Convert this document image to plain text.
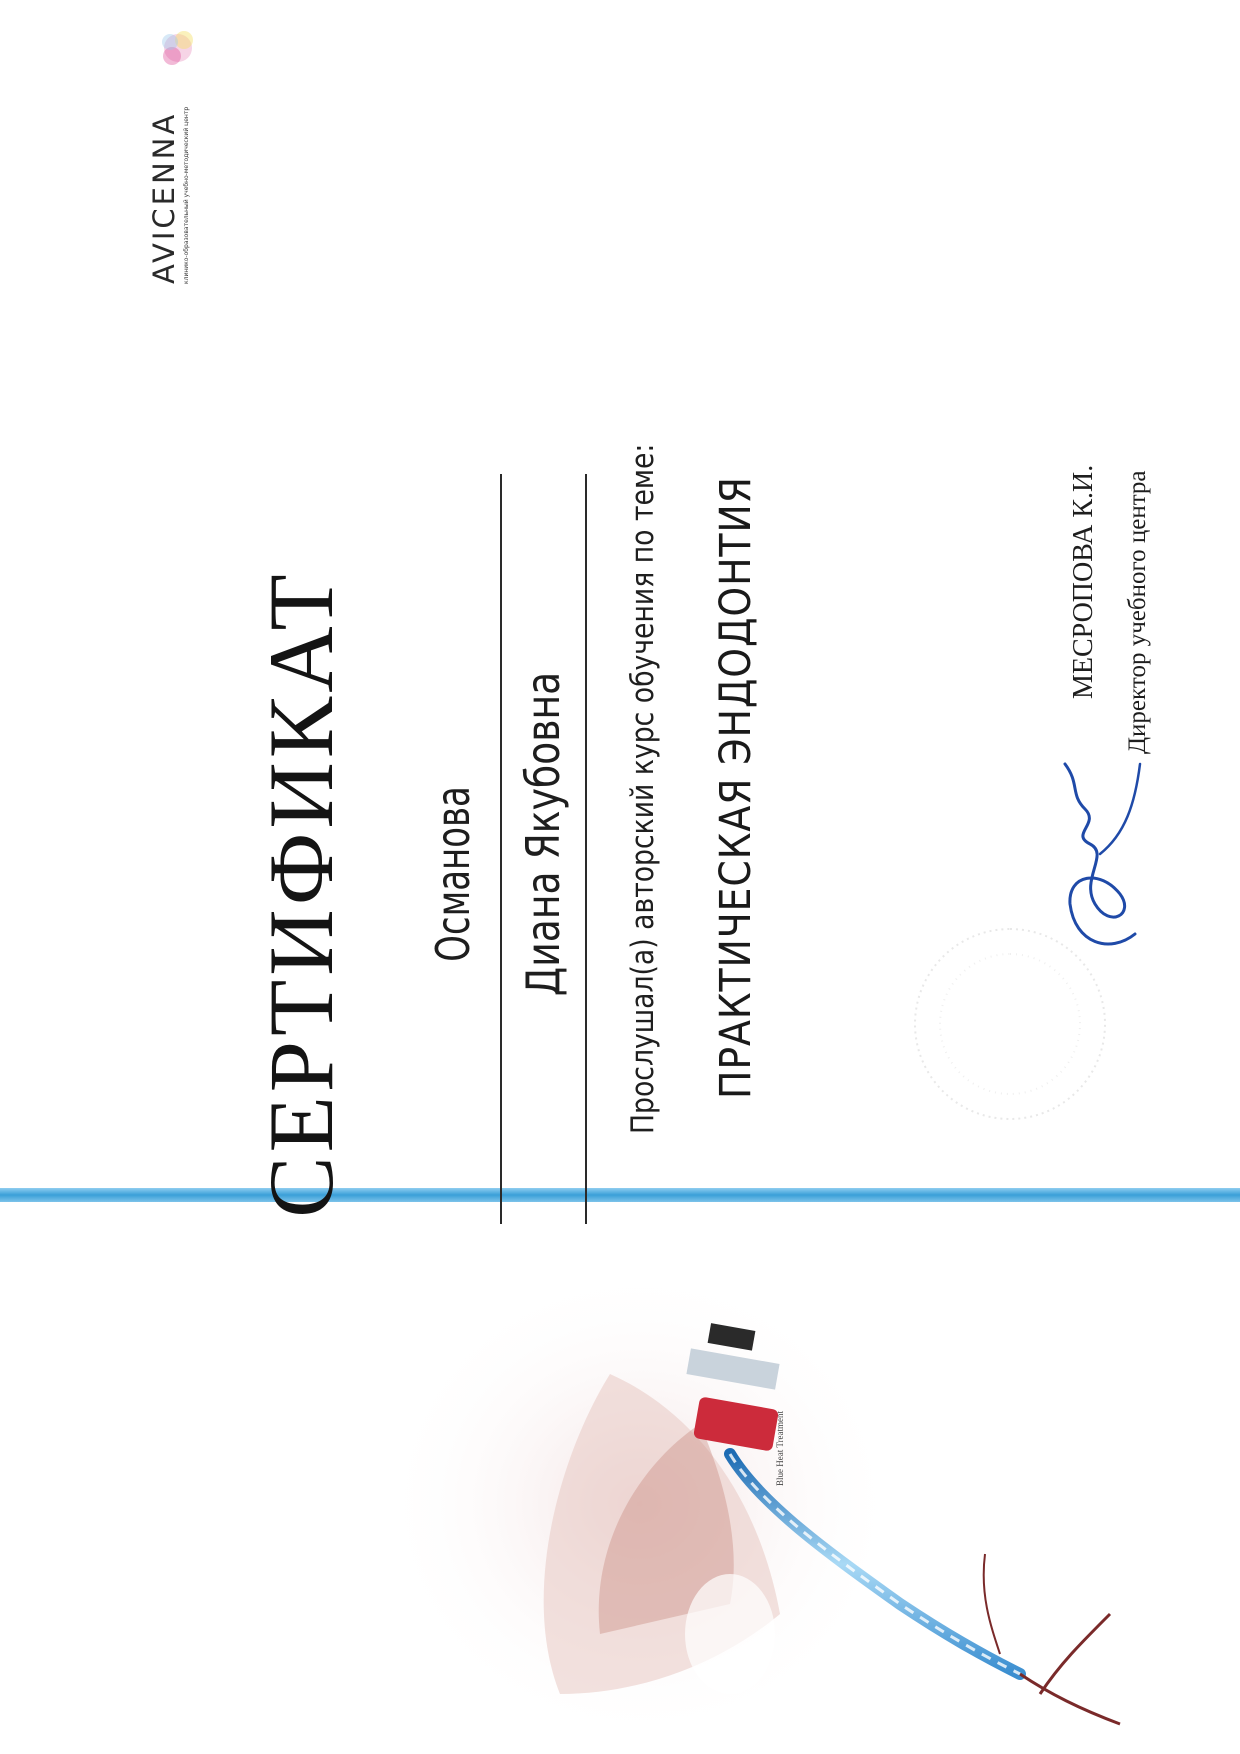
Blue Heat Treatment
СЕРТИФИКАТ Османова Диана Якубовна Прослушал(а) авторский курс обучения по теме: ПРАКТИЧЕСКАЯ ЭНДОДОНТИЯ
AVICENNA клинико-образовательный учебно-методический центр
МЕСРОПОВА К.И. Директор учебного центра
